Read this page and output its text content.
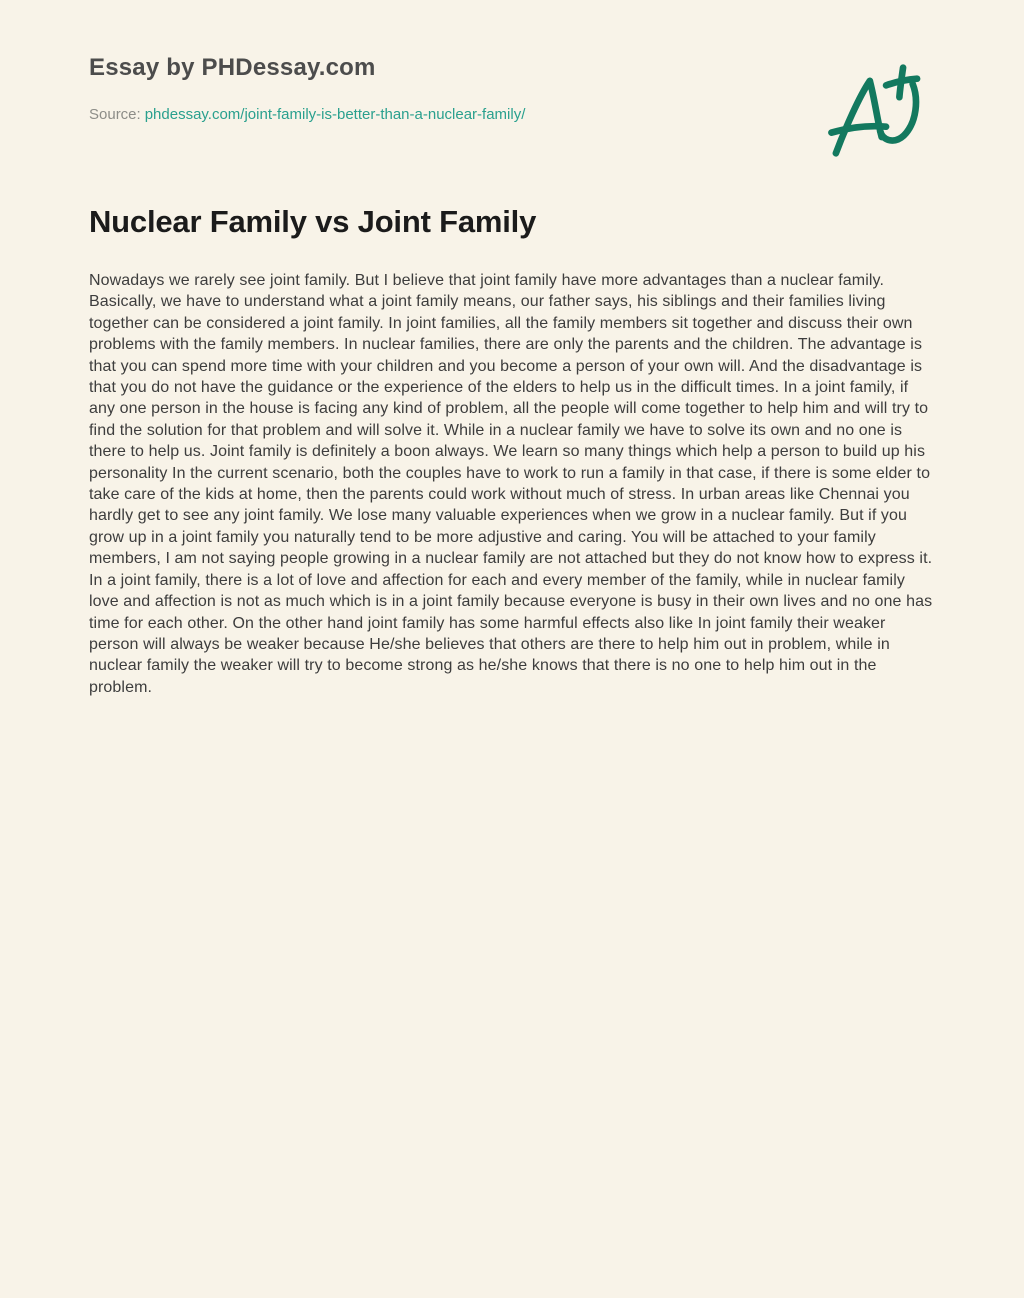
Essay by PHDessay.com
Source: phdessay.com/joint-family-is-better-than-a-nuclear-family/
Nuclear Family vs Joint Family

Nowadays we rarely see joint family. But I believe that joint family have more advantages than a nuclear family. Basically, we have to understand what a joint family means, our father says, his siblings and their families living together can be considered a joint family. In joint families, all the family members sit together and discuss their own problems with the family members. In nuclear families, there are only the parents and the children. The advantage is that you can spend more time with your children and you become a person of your own will. And the disadvantage is that you do not have the guidance or the experience of the elders to help us in the difficult times. In a joint family, if any one person in the house is facing any kind of problem, all the people will come together to help him and will try to find the solution for that problem and will solve it. While in a nuclear family we have to solve its own and no one is there to help us. Joint family is definitely a boon always. We learn so many things which help a person to build up his personality In the current scenario, both the couples have to work to run a family in that case, if there is some elder to take care of the kids at home, then the parents could work without much of stress. In urban areas like Chennai you hardly get to see any joint family. We lose many valuable experiences when we grow in a nuclear family. But if you grow up in a joint family you naturally tend to be more adjustive and caring. You will be attached to your family members, I am not saying people growing in a nuclear family are not attached but they do not know how to express it. In a joint family, there is a lot of love and affection for each and every member of the family, while in nuclear family love and affection is not as much which is in a joint family because everyone is busy in their own lives and no one has time for each other. On the other hand joint family has some harmful effects also like In joint family their weaker person will always be weaker because He/she believes that others are there to help him out in problem, while in nuclear family the weaker will try to become strong as he/she knows that there is no one to help him out in the problem.
